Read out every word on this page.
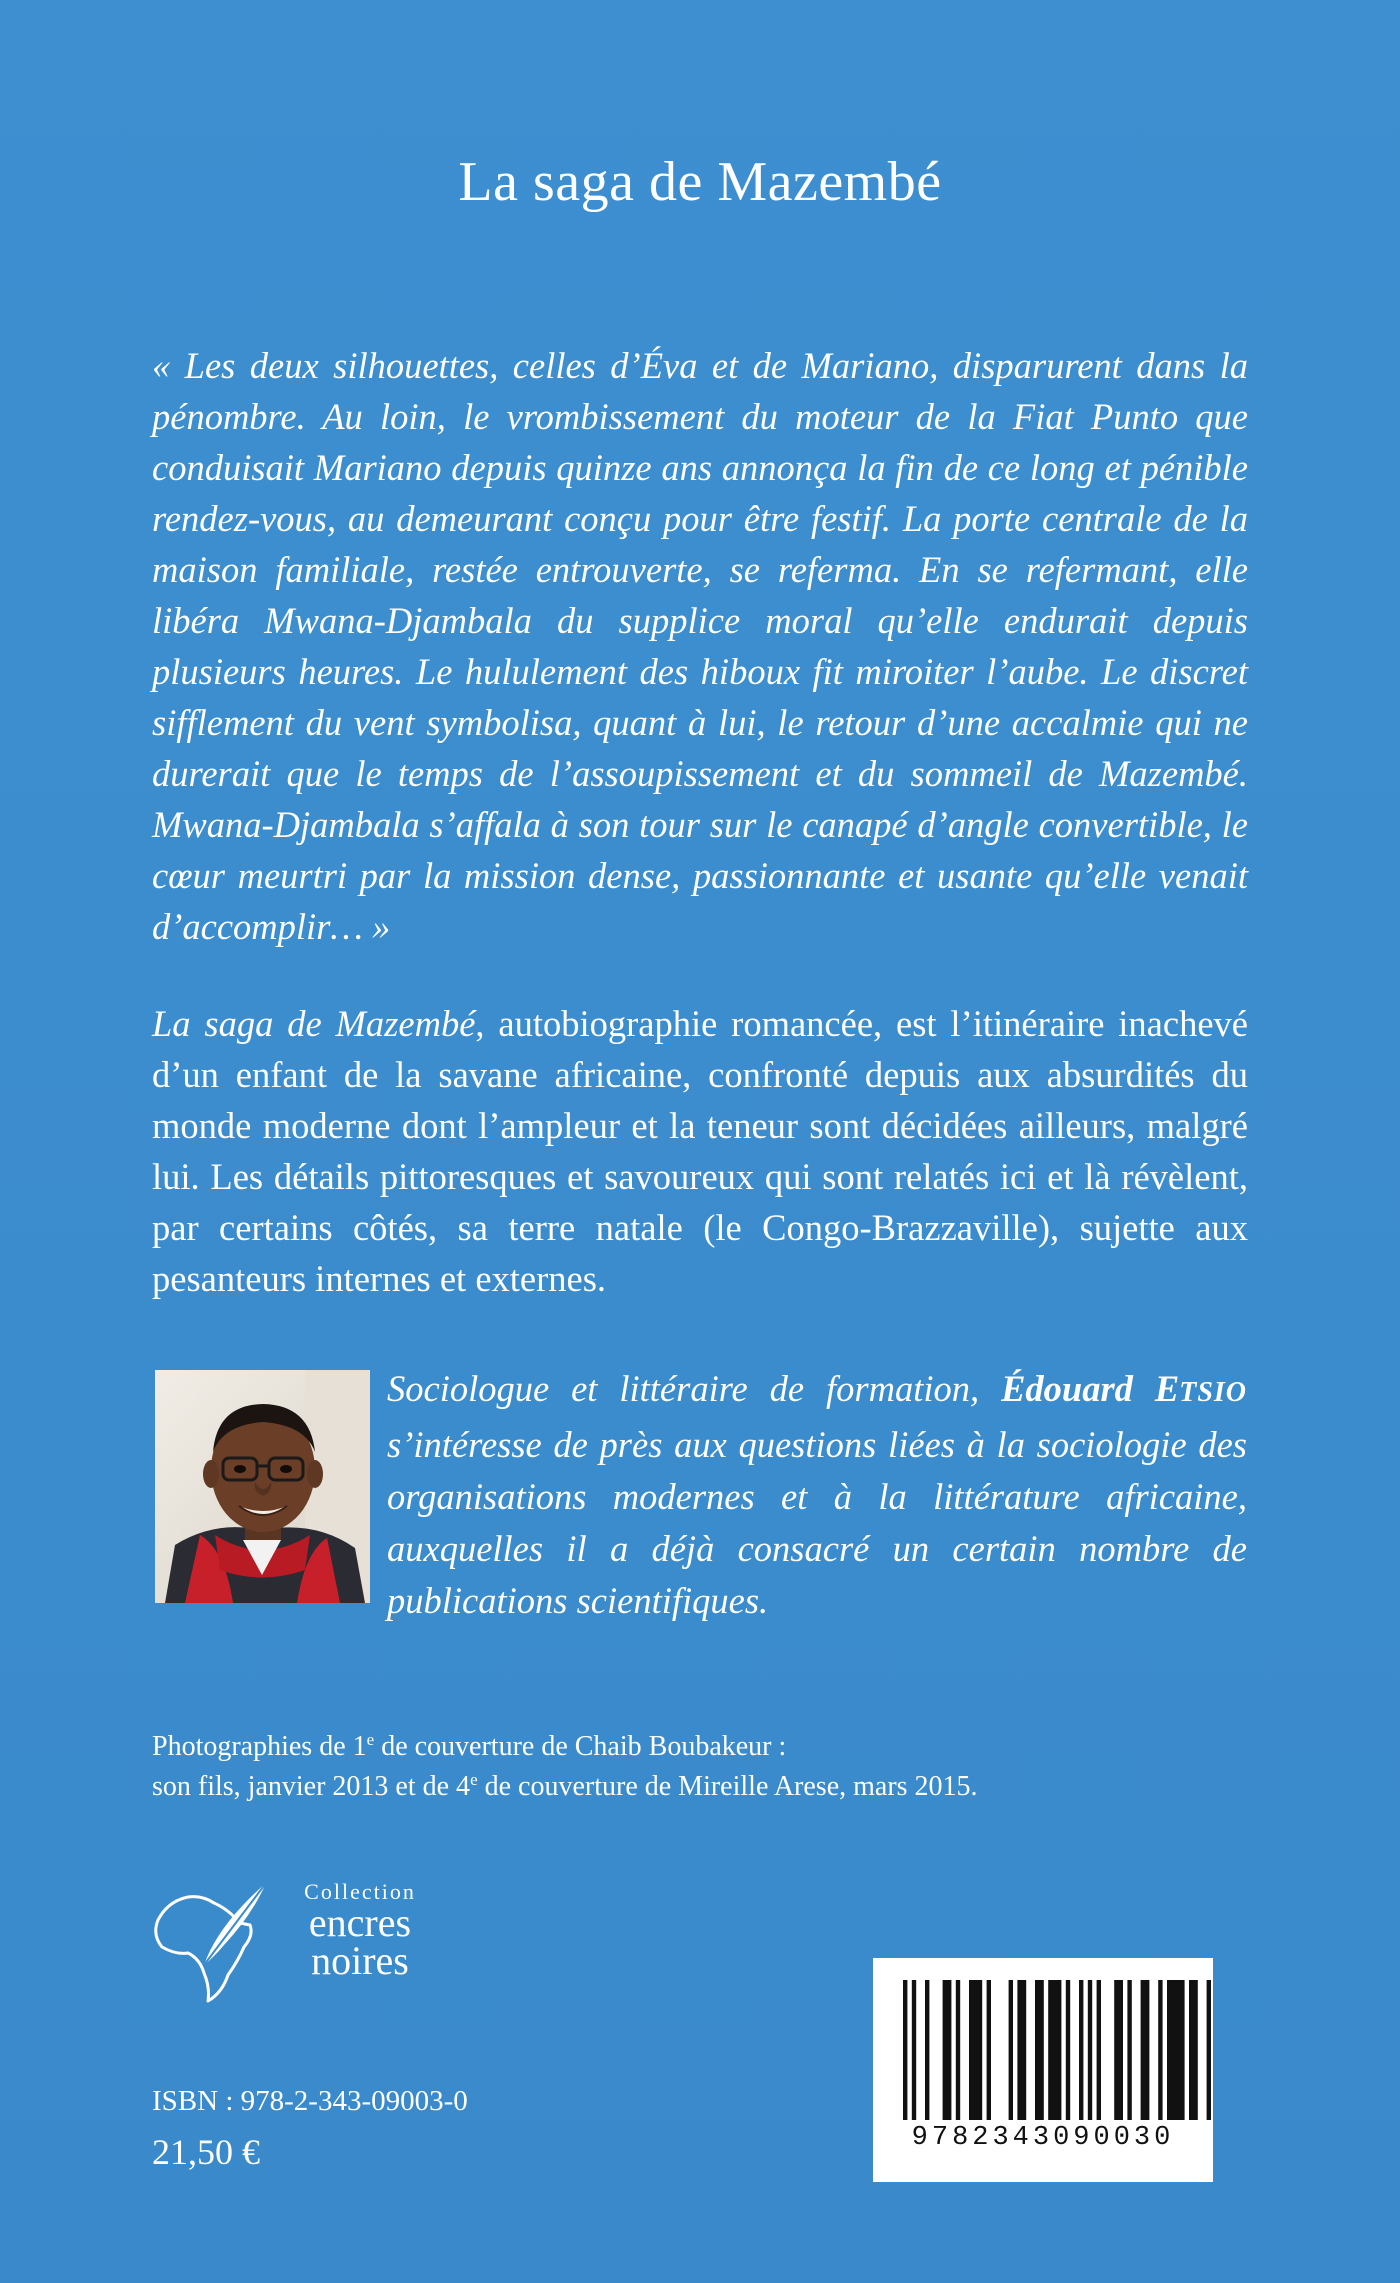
La saga de Mazembé

« Les deux silhouettes, celles d’Éva et de Mariano, disparurent dans la pénombre. Au loin, le vrombissement du moteur de la Fiat Punto que conduisait Mariano depuis quinze ans annonça la fin de ce long et pénible rendez-vous, au demeurant conçu pour être festif. La porte centrale de la maison familiale, restée entrouverte, se referma. En se refermant, elle libéra Mwana-Djambala du supplice moral qu’elle endurait depuis plusieurs heures. Le hululement des hiboux fit miroiter l’aube. Le discret sifflement du vent symbolisa, quant à lui, le retour d’une accalmie qui ne durerait que le temps de l’assoupissement et du sommeil de Mazembé. Mwana-Djambala s’affala à son tour sur le canapé d’angle convertible, le cœur meurtri par la mission dense, passionnante et usante qu’elle venait d’accomplir… »

La saga de Mazembé, autobiographie romancée, est l’itinéraire inachevé d’un enfant de la savane africaine, confronté depuis aux absurdités du monde moderne dont l’ampleur et la teneur sont décidées ailleurs, malgré lui. Les détails pittoresques et savoureux qui sont relatés ici et là révèlent, par certains côtés, sa terre natale (le Congo-Brazzaville), sujette aux pesanteurs internes et externes.

Sociologue et littéraire de formation, Édouard ETSIO s’intéresse de près aux questions liées à la sociologie des organisations modernes et à la littérature africaine, auxquelles il a déjà consacré un certain nombre de publications scientifiques.

Photographies de 1e de couverture de Chaib Boubakeur :
son fils, janvier 2013 et de 4e de couverture de Mireille Arese, mars 2015.

Collection
encres
noires
9782343090030
ISBN : 978-2-343-09003-0
21,50 €
